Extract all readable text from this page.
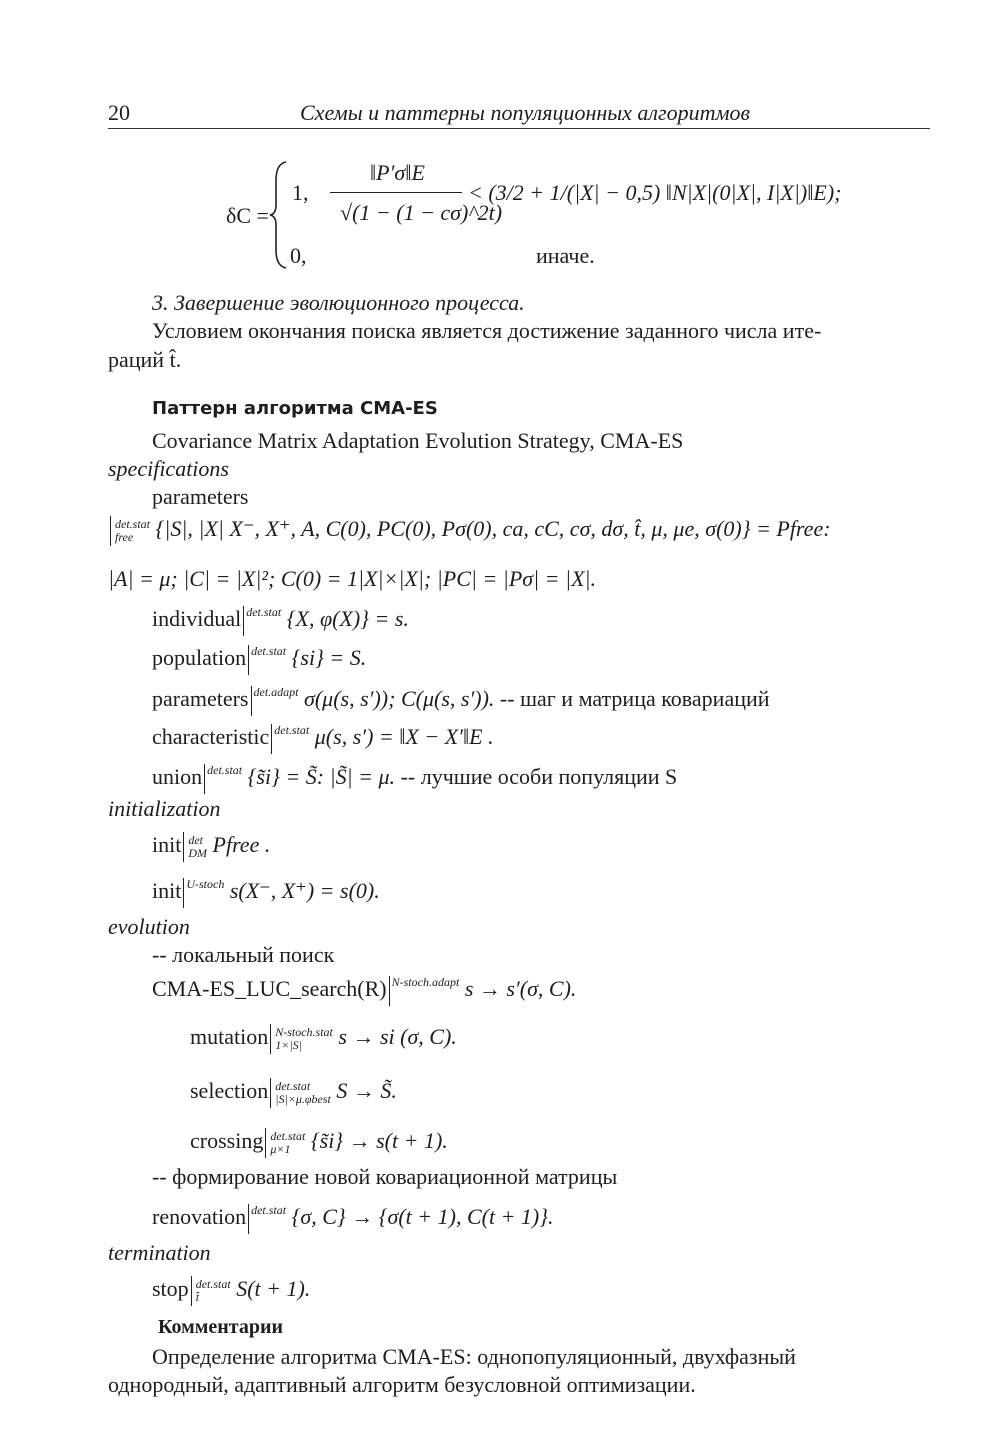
20	Схемы и паттерны популяционных алгоритмов
δC =
1,
‖P′σ‖E
√(1 − (1 − cσ)^2t)
< (3/2 + 1/(|X| − 0,5) ‖N|X|(0|X|, I|X|)‖E);
0,	иначе.
3. Завершение эволюционного процесса.
Условием окончания поиска является достижение заданного числа ите-
раций t̂.
Паттерн алгоритма CMA-ES
Covariance Matrix Adaptation Evolution Strategy, CMA-ES
specifications
parameters
det.stat
free	{|S|, |X| X⁻, X⁺, A, C(0), PC(0), Pσ(0), ca, cC, cσ, dσ, t̂, μ, μe, σ(0)} = Pfree:
|A| = μ; |C| = |X|²; C(0) = 1|X|×|X|; |PC| = |Pσ| = |X|.
individual $^{det.stat}$ {X, φ(X)} = s.
population $^{det.stat}$ {si} = S.
parameters $^{det.adapt}$ σ(μ(s, s′)); C(μ(s, s′)). -- шаг и матрица ковариаций
characteristic $^{det.stat}$ μ(s, s′) = ‖X − X′‖E .
union $^{det.stat}$ {s̃i} = S̃: |S̃| = μ. -- лучшие особи популяции S
initialization
init det
DM Pfree .
init $^{U-stoch}$ s(X⁻, X⁺) = s(0).
evolution
-- локальный поиск
CMA-ES_LUC_search(R) $^{N-stoch.adapt}$ s → s′(σ, C).
mutation N-stoch.stat
1×|S|	s → si (σ, C).
selection det.stat
|S|×μ.φbest S → S̃.
crossing det.stat
μ×1 {s̃i} → s(t + 1).
-- формирование новой ковариационной матрицы
renovation $^{det.stat}$ {σ, C} → {σ(t + 1), C(t + 1)}.
termination
stop det.stat
t̂	S(t + 1).
Комментарии
Определение алгоритма CMA-ES: однопопуляционный, двухфазный
однородный, адаптивный алгоритм безусловной оптимизации.
